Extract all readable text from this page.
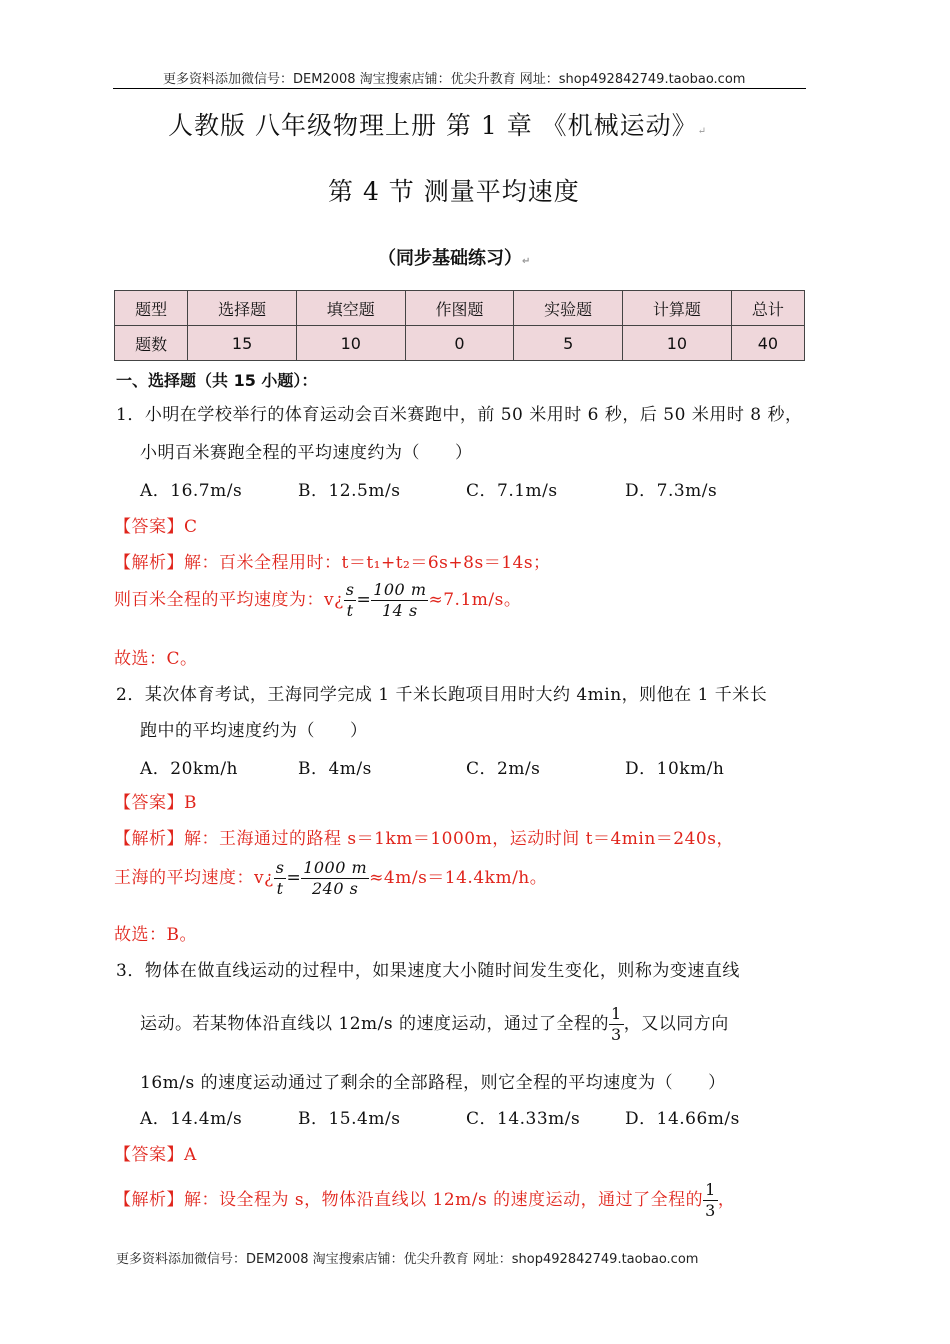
更多资料添加微信号：DEM2008 淘宝搜索店铺：优尖升教育 网址：shop492842749.taobao.com
人教版 八年级物理上册 第 1 章 《机械运动》↵
第 4 节 测量平均速度
（同步基础练习）↵
题型	选择题	填空题	作图题	实验题	计算题	总计
题数	15	10	0	5	10	40
一、选择题（共 15 小题）：
1．小明在学校举行的体育运动会百米赛跑中，前 50 米用时 6 秒，后 50 米用时 8 秒，
小明百米赛跑全程的平均速度约为（　　）
A．16.7m/s	B．12.5m/s	C．7.1m/s	D．7.3m/s
【答案】C
【解析】解：百米全程用时：t＝t₁+t₂＝6s+8s＝14s；
则百米全程的平均速度为：v¿ $\frac{s}{t} = \frac{100 m}{14 s} \approx 7.1m/s$。
故选：C。
2．某次体育考试，王海同学完成 1 千米长跑项目用时大约 4min，则他在 1 千米长
跑中的平均速度约为（　　）
A．20km/h	B．4m/s	C．2m/s	D．10km/h
【答案】B
【解析】解：王海通过的路程 s＝1km＝1000m，运动时间 t＝4min＝240s，
王海的平均速度：v¿ $\frac{s}{t} = \frac{1000 m}{240 s} \approx 4m/s=14.4km/h$。
故选：B。
3．物体在做直线运动的过程中，如果速度大小随时间发生变化，则称为变速直线
运动。若某物体沿直线以 12m/s 的速度运动，通过了全程的 $\frac{1}{3}$ ，又以同方向
16m/s 的速度运动通过了剩余的全部路程，则它全程的平均速度为（　　）
A．14.4m/s	B．15.4m/s	C．14.33m/s	D．14.66m/s
【答案】A
【解析】解：设全程为 s，物体沿直线以 12m/s 的速度运动，通过了全程的 $\frac{1}{3}$ ，
更多资料添加微信号：DEM2008 淘宝搜索店铺：优尖升教育 网址：shop492842749.taobao.com
